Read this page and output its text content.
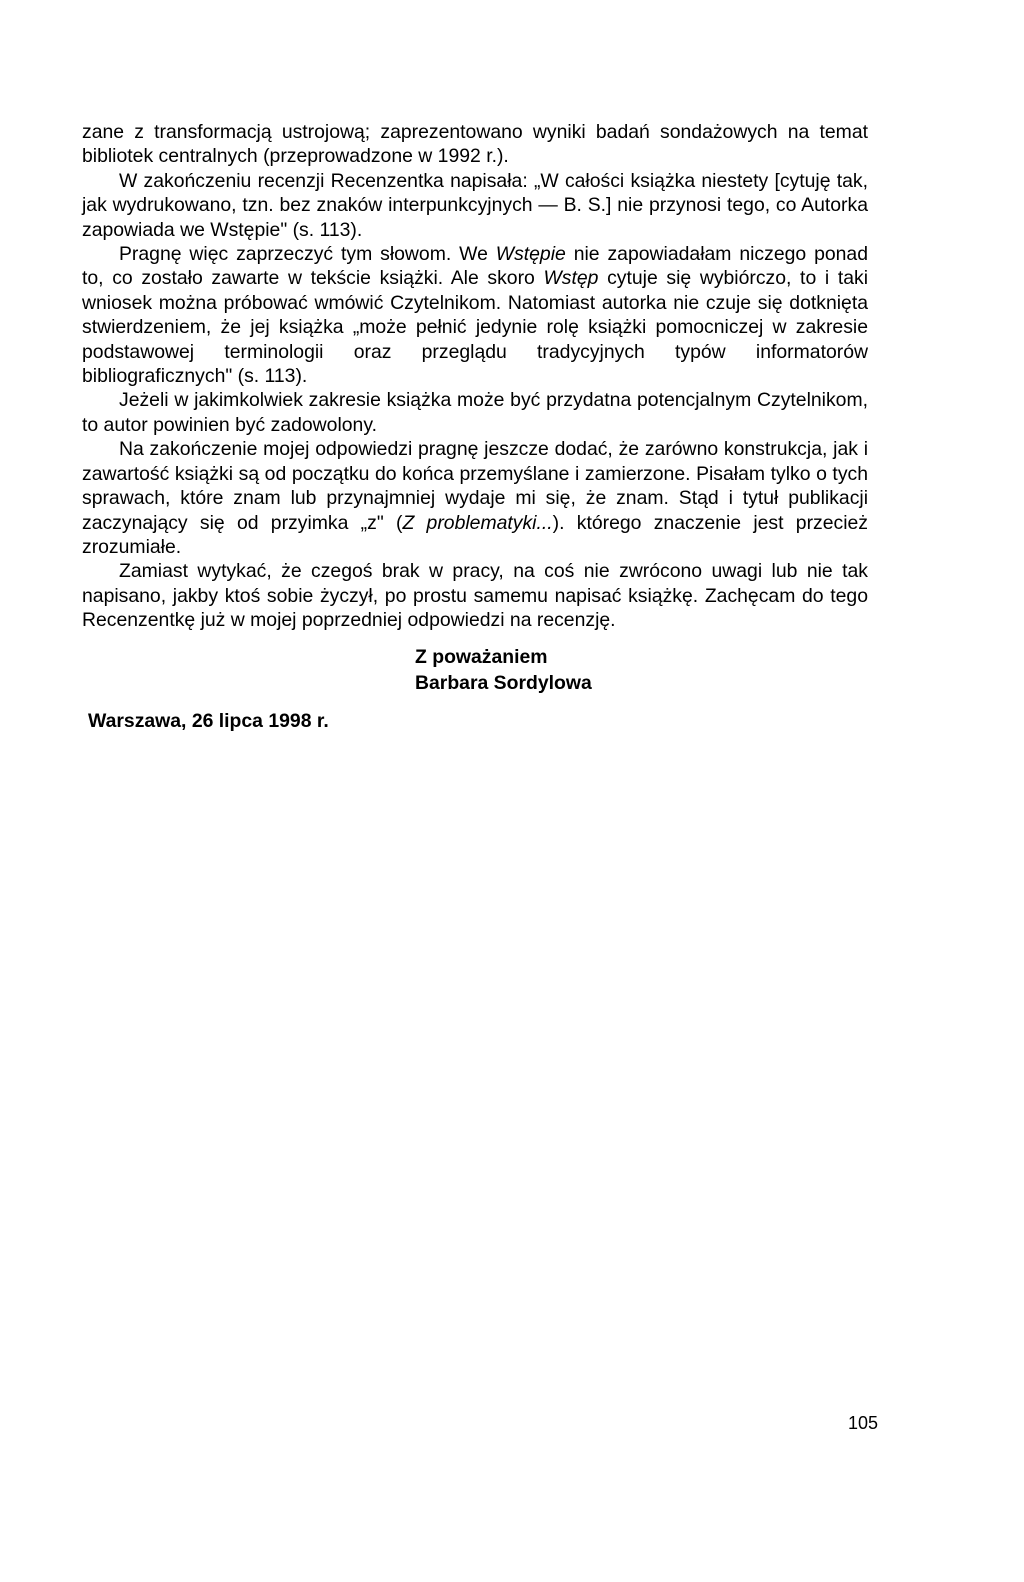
zane z transformacją ustrojową; zaprezentowano wyniki badań sondażowych na temat bibliotek centralnych (przeprowadzone w 1992 r.).

W zakończeniu recenzji Recenzentka napisała: „W całości książka niestety [cytuję tak, jak wydrukowano, tzn. bez znaków interpunkcyjnych — B. S.] nie przynosi tego, co Autorka zapowiada we Wstępie" (s. 113).

Pragnę więc zaprzeczyć tym słowom. We Wstępie nie zapowiadałam niczego ponad to, co zostało zawarte w tekście książki. Ale skoro Wstęp cytuje się wybiórczo, to i taki wniosek można próbować wmówić Czytelnikom. Natomiast autorka nie czuje się dotknięta stwierdzeniem, że jej książka „może pełnić jedynie rolę książki pomocniczej w zakresie podstawowej terminologii oraz przeglądu tradycyjnych typów informatorów bibliograficznych" (s. 113).

Jeżeli w jakimkolwiek zakresie książka może być przydatna potencjalnym Czytelnikom, to autor powinien być zadowolony.

Na zakończenie mojej odpowiedzi pragnę jeszcze dodać, że zarówno konstrukcja, jak i zawartość książki są od początku do końca przemyślane i zamierzone. Pisałam tylko o tych sprawach, które znam lub przynajmniej wydaje mi się, że znam. Stąd i tytuł publikacji zaczynający się od przyimka „z" (Z problematyki...). którego znaczenie jest przecież zrozumiałe.

Zamiast wytykać, że czegoś brak w pracy, na coś nie zwrócono uwagi lub nie tak napisano, jakby ktoś sobie życzył, po prostu samemu napisać książkę. Zachęcam do tego Recenzentkę już w mojej poprzedniej odpowiedzi na recenzję.

Z poważaniem
Barbara Sordylowa
Warszawa, 26 lipca 1998 r.
105
